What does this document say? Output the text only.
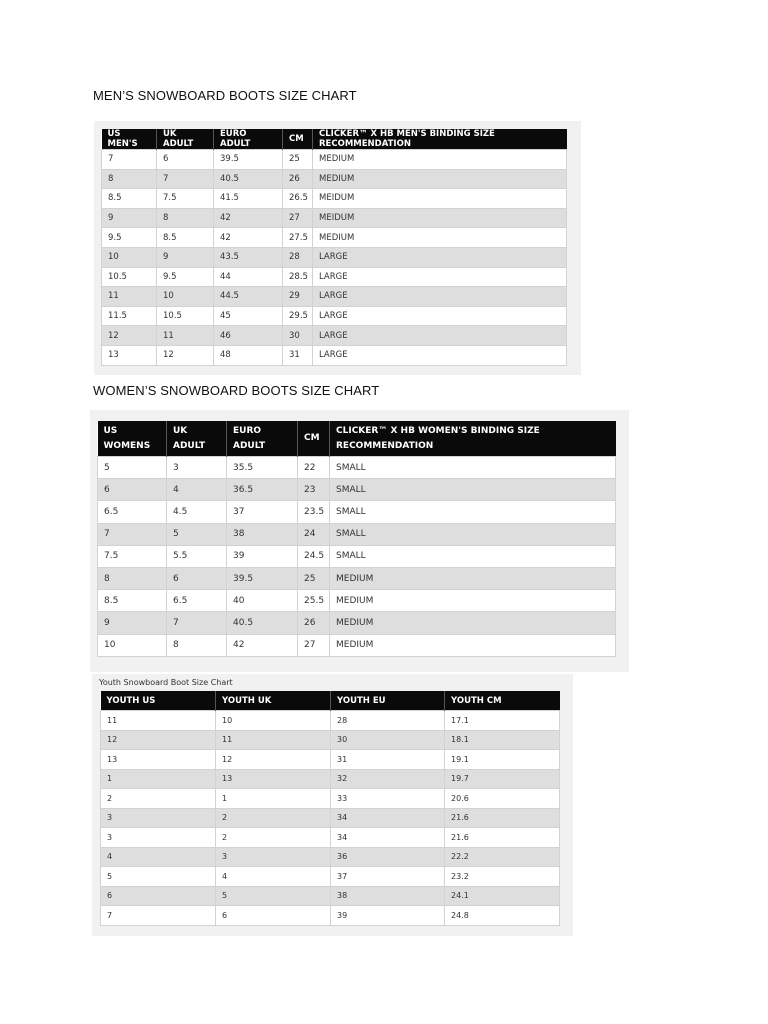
MEN’S SNOWBOARD BOOTS SIZE CHART
US MEN'S	UK ADULT	EURO ADULT	CM	CLICKER™ X HB MEN'S BINDING SIZE RECOMMENDATION
7	6	39.5	25	MEDIUM
8	7	40.5	26	MEDIUM
8.5	7.5	41.5	26.5	MEIDUM
9	8	42	27	MEIDUM
9.5	8.5	42	27.5	MEDIUM
10	9	43.5	28	LARGE
10.5	9.5	44	28.5	LARGE
11	10	44.5	29	LARGE
11.5	10.5	45	29.5	LARGE
12	11	46	30	LARGE
13	12	48	31	LARGE
WOMEN’S SNOWBOARD BOOTS SIZE CHART
US WOMENS	UK ADULT	EURO ADULT	CM	CLICKER™ X HB WOMEN'S BINDING SIZE RECOMMENDATION
5	3	35.5	22	SMALL
6	4	36.5	23	SMALL
6.5	4.5	37	23.5	SMALL
7	5	38	24	SMALL
7.5	5.5	39	24.5	SMALL
8	6	39.5	25	MEDIUM
8.5	6.5	40	25.5	MEDIUM
9	7	40.5	26	MEDIUM
10	8	42	27	MEDIUM
Youth Snowboard Boot Size Chart
YOUTH US	YOUTH UK	YOUTH EU	YOUTH CM
11	10	28	17.1
12	11	30	18.1
13	12	31	19.1
1	13	32	19.7
2	1	33	20.6
3	2	34	21.6
3	2	34	21.6
4	3	36	22.2
5	4	37	23.2
6	5	38	24.1
7	6	39	24.8
